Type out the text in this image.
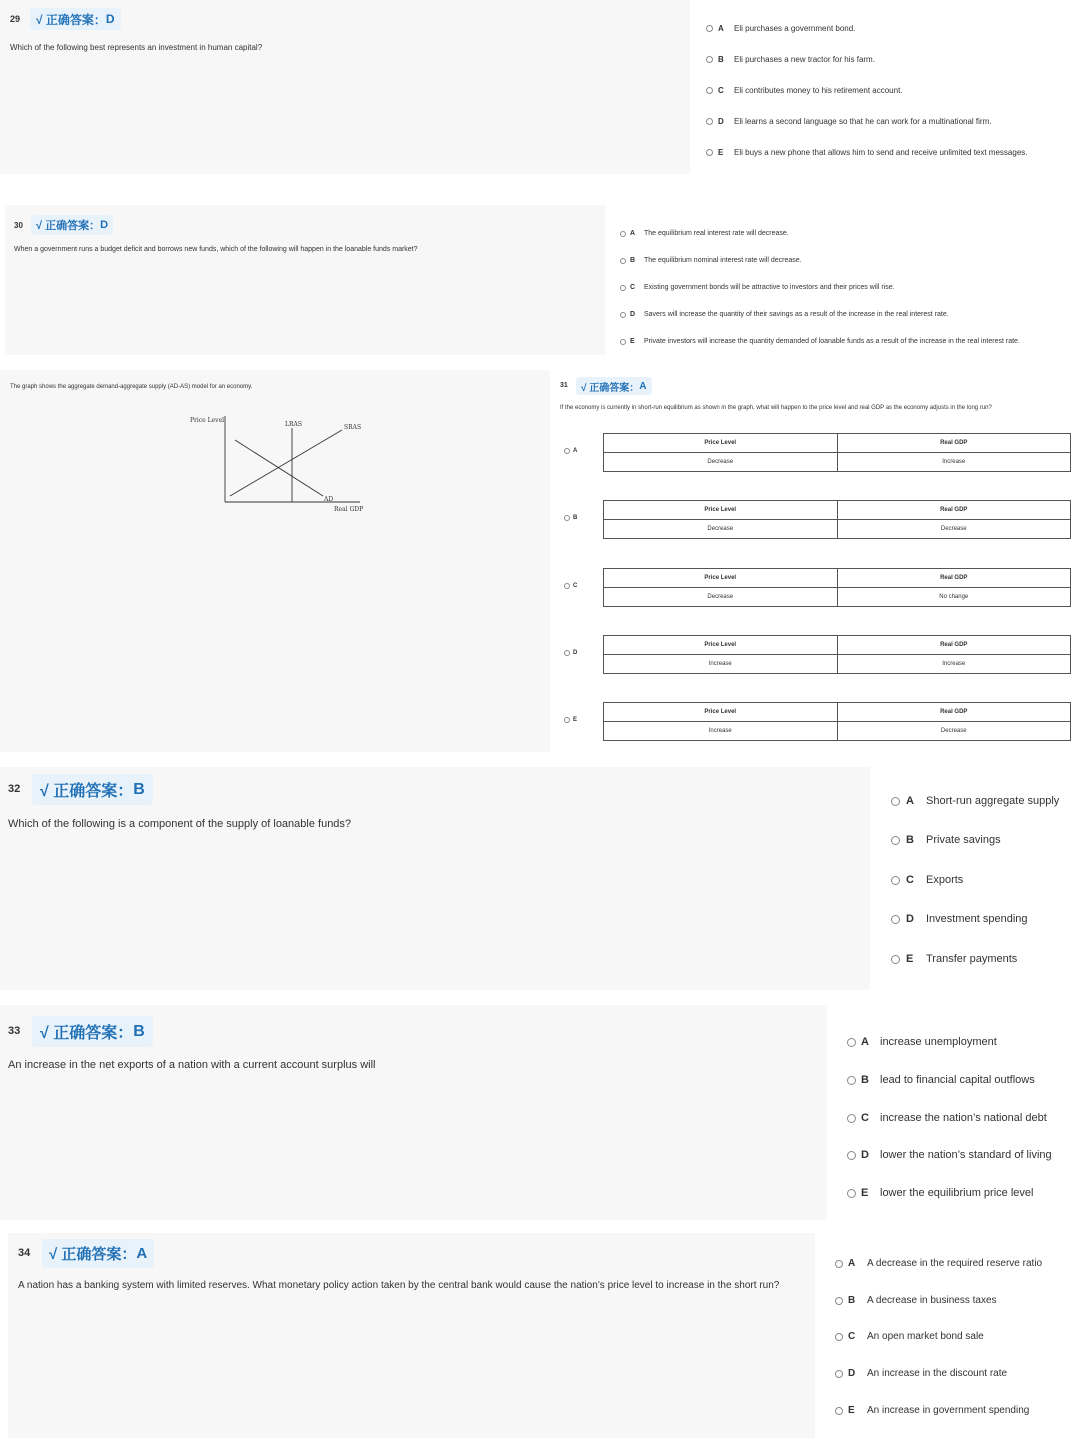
29 √ 正确答案： D
Which of the following best represents an investment in human capital?
A	Eli purchases a government bond.
B	Eli purchases a new tractor for his farm.
C	Eli contributes money to his retirement account.
D	Eli learns a second language so that he can work for a multinational firm.
E	Eli buys a new phone that allows him to send and receive unlimited text messages.
30 √ 正确答案： D
When a government runs a budget deficit and borrows new funds, which of the following will happen in the loanable funds market?
A	The equilibrium real interest rate will decrease.
B	The equilibrium nominal interest rate will decrease.
C	Existing government bonds will be attractive to investors and their prices will rise.
D	Savers will increase the quantity of their savings as a result of the increase in the real interest rate.
E	Private investors will increase the quantity demanded of loanable funds as a result of the increase in the real interest rate.
The graph shows the aggregate demand-aggregate supply (AD-AS) model for an economy.
Price Level
Real GDP
LRAS	SRAS
AD
31 √ 正确答案： A
If the economy is currently in short-run equilibrium as shown in the graph, what will happen to the price level and real GDP as the economy adjusts in the long run?
A
Price Level	Real GDP
Decrease	Increase
B
Price Level	Real GDP
Decrease	Decrease
C
Price Level	Real GDP
Decrease	No change
D
Price Level	Real GDP
Increase	Increase
E
Price Level	Real GDP
Increase	Decrease
32 √ 正确答案： B
Which of the following is a component of the supply of loanable funds?
A	Short-run aggregate supply
B	Private savings
C	Exports
D	Investment spending
E	Transfer payments
33 √ 正确答案： B
An increase in the net exports of a nation with a current account surplus will
A	increase unemployment
B	lead to financial capital outflows
C	increase the nation’s national debt
D	lower the nation’s standard of living
E	lower the equilibrium price level
34 √ 正确答案： A
A nation has a banking system with limited reserves. What monetary policy action taken by the central bank would cause the nation’s price level to increase in the short run?
A	A decrease in the required reserve ratio
B	A decrease in business taxes
C	An open market bond sale
D	An increase in the discount rate
E	An increase in government spending
